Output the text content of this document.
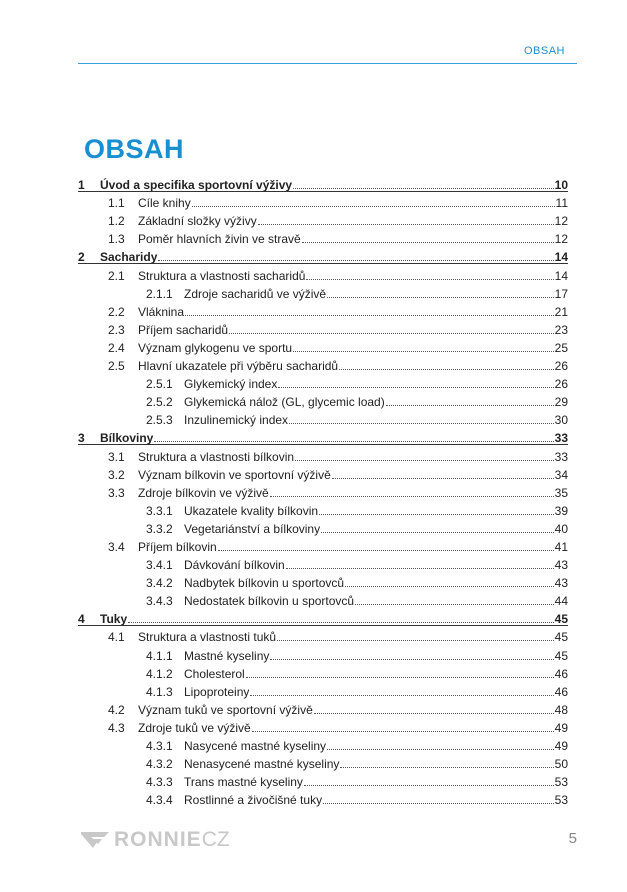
OBSAH
OBSAH
1	Úvod a specifika sportovní výživy	10
1.1	Cíle knihy	11
1.2	Základní složky výživy	12
1.3	Poměr hlavních živin ve stravě	12
2	Sacharidy	14
2.1	Struktura a vlastnosti sacharidů	14
2.1.1 Zdroje sacharidů ve výživě	17
2.2	Vláknina	21
2.3	Příjem sacharidů	23
2.4	Význam glykogenu ve sportu	25
2.5	Hlavní ukazatele při výběru sacharidů	26
2.5.1 Glykemický index	26
2.5.2 Glykemická nálož (GL, glycemic load)	29
2.5.3 Inzulinemický index	30
3	Bílkoviny	33
3.1	Struktura a vlastnosti bílkovin	33
3.2	Význam bílkovin ve sportovní výživě	34
3.3	Zdroje bílkovin ve výživě	35
3.3.1 Ukazatele kvality bílkovin	39
3.3.2 Vegetariánství a bílkoviny	40
3.4	Příjem bílkovin	41
3.4.1 Dávkování bílkovin	43
3.4.2 Nadbytek bílkovin u sportovců	43
3.4.3 Nedostatek bílkovin u sportovců	44
4	Tuky	45
4.1	Struktura a vlastnosti tuků	45
4.1.1 Mastné kyseliny	45
4.1.2 Cholesterol	46
4.1.3 Lipoproteiny	46
4.2	Význam tuků ve sportovní výživě	48
4.3	Zdroje tuků ve výživě	49
4.3.1 Nasycené mastné kyseliny	49
4.3.2 Nenasycené mastné kyseliny	50
4.3.3 Trans mastné kyseliny	53
4.3.4 Rostlinné a živočišné tuky	53
RONNIE CZ	5
